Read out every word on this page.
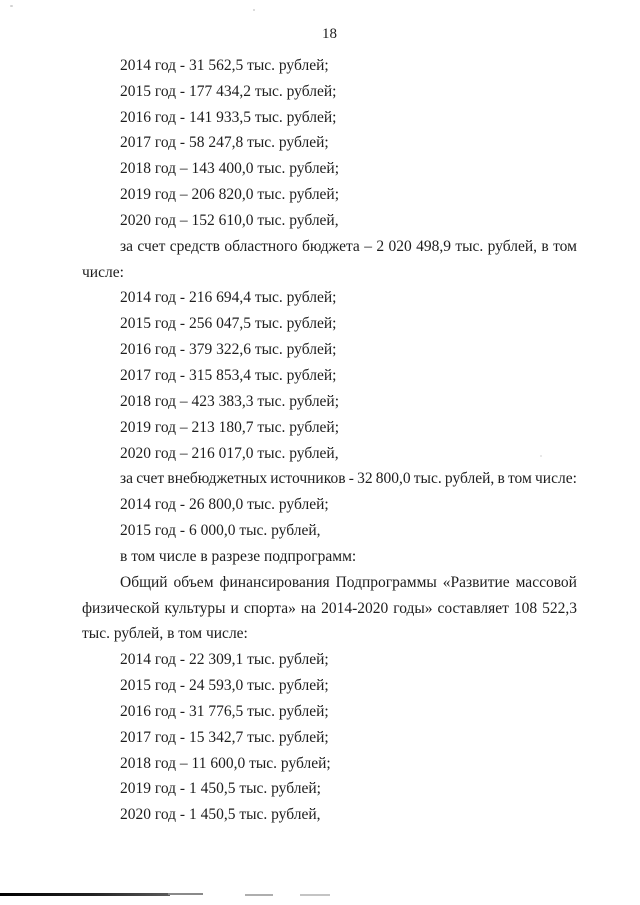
18

2014 год - 31 562,5 тыс. рублей;

2015 год - 177 434,2 тыс. рублей;

2016 год - 141 933,5 тыс. рублей;

2017 год - 58 247,8 тыс. рублей;

2018 год – 143 400,0 тыс. рублей;

2019 год – 206 820,0 тыс. рублей;

2020 год – 152 610,0 тыс. рублей,

за счет средств областного бюджета – 2 020 498,9 тыс. рублей, в том

числе:

2014 год - 216 694,4 тыс. рублей;

2015 год - 256 047,5 тыс. рублей;

2016 год - 379 322,6 тыс. рублей;

2017 год - 315 853,4 тыс. рублей;

2018 год – 423 383,3 тыс. рублей;

2019 год – 213 180,7 тыс. рублей;

2020 год – 216 017,0 тыс. рублей,

за счет внебюджетных источников - 32 800,0 тыс. рублей, в том числе:

2014 год - 26 800,0 тыс. рублей;

2015 год - 6 000,0 тыс. рублей,

в том числе в разрезе подпрограмм:

Общий объем финансирования Подпрограммы «Развитие массовой

физической культуры и спорта» на 2014-2020 годы» составляет 108 522,3

тыс. рублей, в том числе:

2014 год - 22 309,1 тыс. рублей;

2015 год - 24 593,0 тыс. рублей;

2016 год - 31 776,5 тыс. рублей;

2017 год - 15 342,7 тыс. рублей;

2018 год – 11 600,0 тыс. рублей;

2019 год - 1 450,5 тыс. рублей;

2020 год - 1 450,5 тыс. рублей,
